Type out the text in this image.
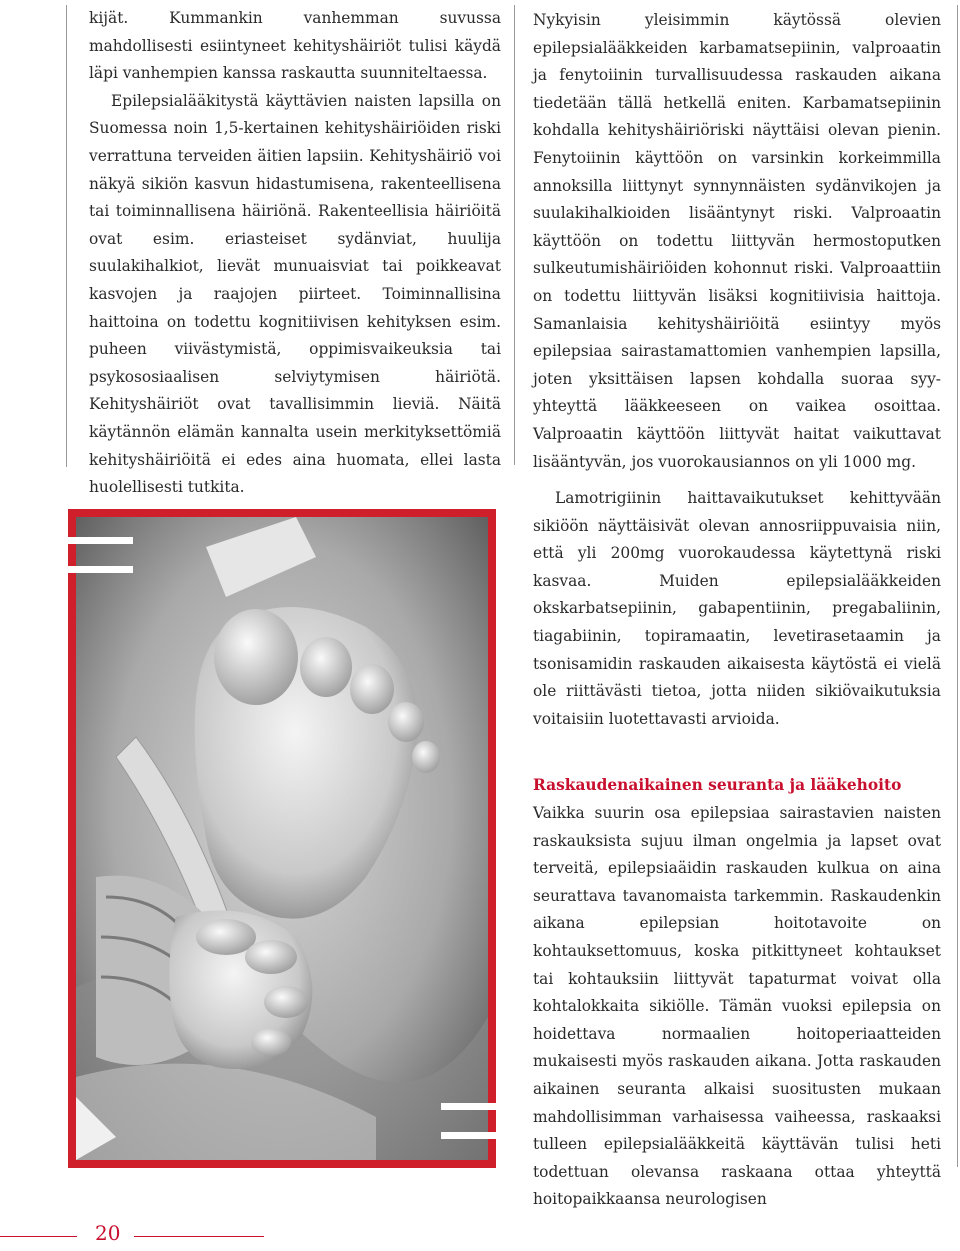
kijät. Kummankin vanhemman suvussa mahdollisesti esiintyneet kehityshäiriöt tulisi käydä läpi vanhempien kanssa raskautta suunniteltaessa.

Epilepsialääkitystä käyttävien naisten lapsilla on Suomessa noin 1,5-kertainen kehityshäiriöiden riski verrattuna terveiden äitien lapsiin. Kehityshäiriö voi näkyä sikiön kasvun hidastumisena, rakenteellisena tai toiminnallisena häiriönä. Rakenteellisia häiriöitä ovat esim. eriasteiset sydänviat, huulija suulakihalkiot, lievät munuaisviat tai poikkeavat kasvojen ja raajojen piirteet. Toiminnallisina haittoina on todettu kognitiivisen kehityksen esim. puheen viivästymistä, oppimisvaikeuksia tai psykososiaalisen selviytymisen häiriötä. Kehityshäiriöt ovat tavallisimmin lieviä. Näitä käytännön elämän kannalta usein merkityksettömiä kehityshäiriöitä ei edes aina huomata, ellei lasta huolellisesti tutkita.

Nykyisin yleisimmin käytössä olevien epilepsialääkkeiden karbamatsepiinin, valproaatin ja fenytoiinin turvallisuudessa raskauden aikana tiedetään tällä hetkellä eniten. Karbamatsepiinin kohdalla kehityshäiriöriski näyttäisi olevan pienin. Fenytoiinin käyttöön on varsinkin korkeimmilla annoksilla liittynyt synnynnäisten sydänvikojen ja suulakihalkioiden lisääntynyt riski. Valproaatin käyttöön on todettu liittyvän hermostoputken sulkeutumishäiriöiden kohonnut riski. Valproaattiin on todettu liittyvän lisäksi kognitiivisia haittoja. Samanlaisia kehityshäiriöitä esiintyy myös epilepsiaa sairastamattomien vanhempien lapsilla, joten yksittäisen lapsen kohdalla suoraa syy-yhteyttä lääkkeeseen on vaikea osoittaa. Valproaatin käyttöön liittyvät haitat vaikuttavat lisääntyvän, jos vuorokausiannos on yli 1000 mg.

Lamotrigiinin haittavaikutukset kehittyvään sikiöön näyttäisivät olevan annosriippuvaisia niin, että yli 200mg vuorokaudessa käytettynä riski kasvaa. Muiden epilepsialääkkeiden okskarbatsepiinin, gabapentiinin, pregabaliinin, tiagabiinin, topiramaatin, levetirasetaamin ja tsonisamidin raskauden aikaisesta käytöstä ei vielä ole riittävästi tietoa, jotta niiden sikiövaikutuksia voitaisiin luotettavasti arvioida.

Raskaudenaikainen seuranta ja lääkehoito

Vaikka suurin osa epilepsiaa sairastavien naisten raskauksista sujuu ilman ongelmia ja lapset ovat terveitä, epilepsiaäidin raskauden kulkua on aina seurattava tavanomaista tarkemmin. Raskaudenkin aikana epilepsian hoitotavoite on kohtauksettomuus, koska pitkittyneet kohtaukset tai kohtauksiin liittyvät tapaturmat voivat olla kohtalokkaita sikiölle. Tämän vuoksi epilepsia on hoidettava normaalien hoitoperiaatteiden mukaisesti myös raskauden aikana. Jotta raskauden aikainen seuranta alkaisi suositusten mukaan mahdollisimman varhaisessa vaiheessa, raskaaksi tulleen epilepsialääkkeitä käyttävän tulisi heti todettuan olevansa raskaana ottaa yhteyttä hoitopaikkaansa neurologisen

20
